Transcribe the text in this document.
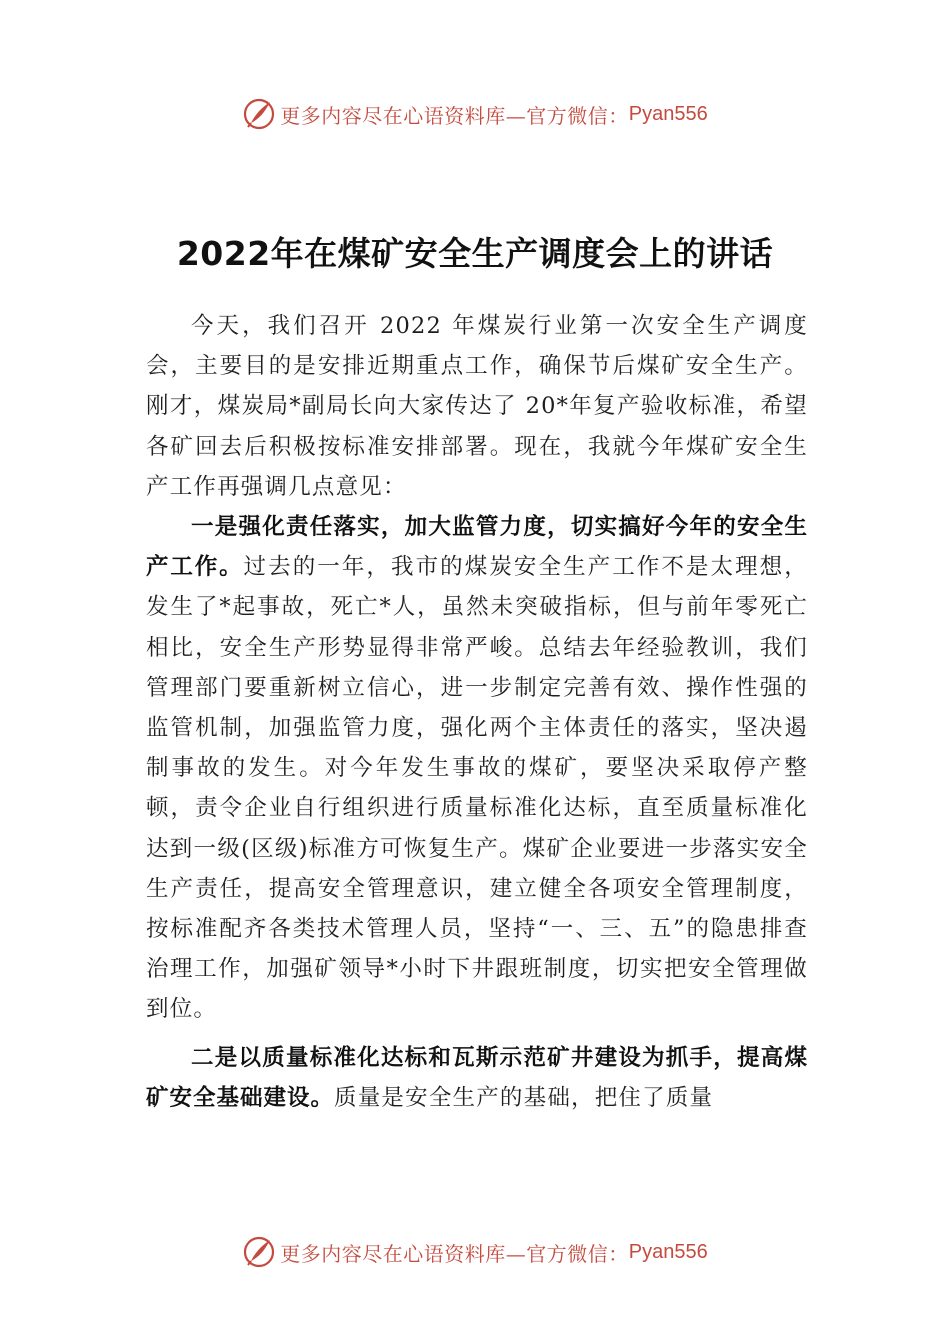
更多内容尽在心语资料库—官方微信： Pyan556
2022年在煤矿安全生产调度会上的讲话

今天，我们召开 2022 年煤炭行业第一次安全生产调度会，主要目的是安排近期重点工作，确保节后煤矿安全生产。刚才，煤炭局*副局长向大家传达了 20*年复产验收标准，希望各矿回去后积极按标准安排部署。现在，我就今年煤矿安全生产工作再强调几点意见：

一是强化责任落实，加大监管力度，切实搞好今年的安全生产工作。过去的一年，我市的煤炭安全生产工作不是太理想，发生了*起事故，死亡*人，虽然未突破指标，但与前年零死亡相比，安全生产形势显得非常严峻。总结去年经验教训，我们管理部门要重新树立信心，进一步制定完善有效、操作性强的监管机制，加强监管力度，强化两个主体责任的落实，坚决遏制事故的发生。对今年发生事故的煤矿，要坚决采取停产整顿，责令企业自行组织进行质量标准化达标，直至质量标准化达到一级(区级)标准方可恢复生产。煤矿企业要进一步落实安全生产责任，提高安全管理意识，建立健全各项安全管理制度，按标准配齐各类技术管理人员，坚持“一、三、五”的隐患排查治理工作，加强矿领导*小时下井跟班制度，切实把安全管理做到位。

二是以质量标准化达标和瓦斯示范矿井建设为抓手，提高煤矿安全基础建设。质量是安全生产的基础，把住了质量

更多内容尽在心语资料库—官方微信： Pyan556
